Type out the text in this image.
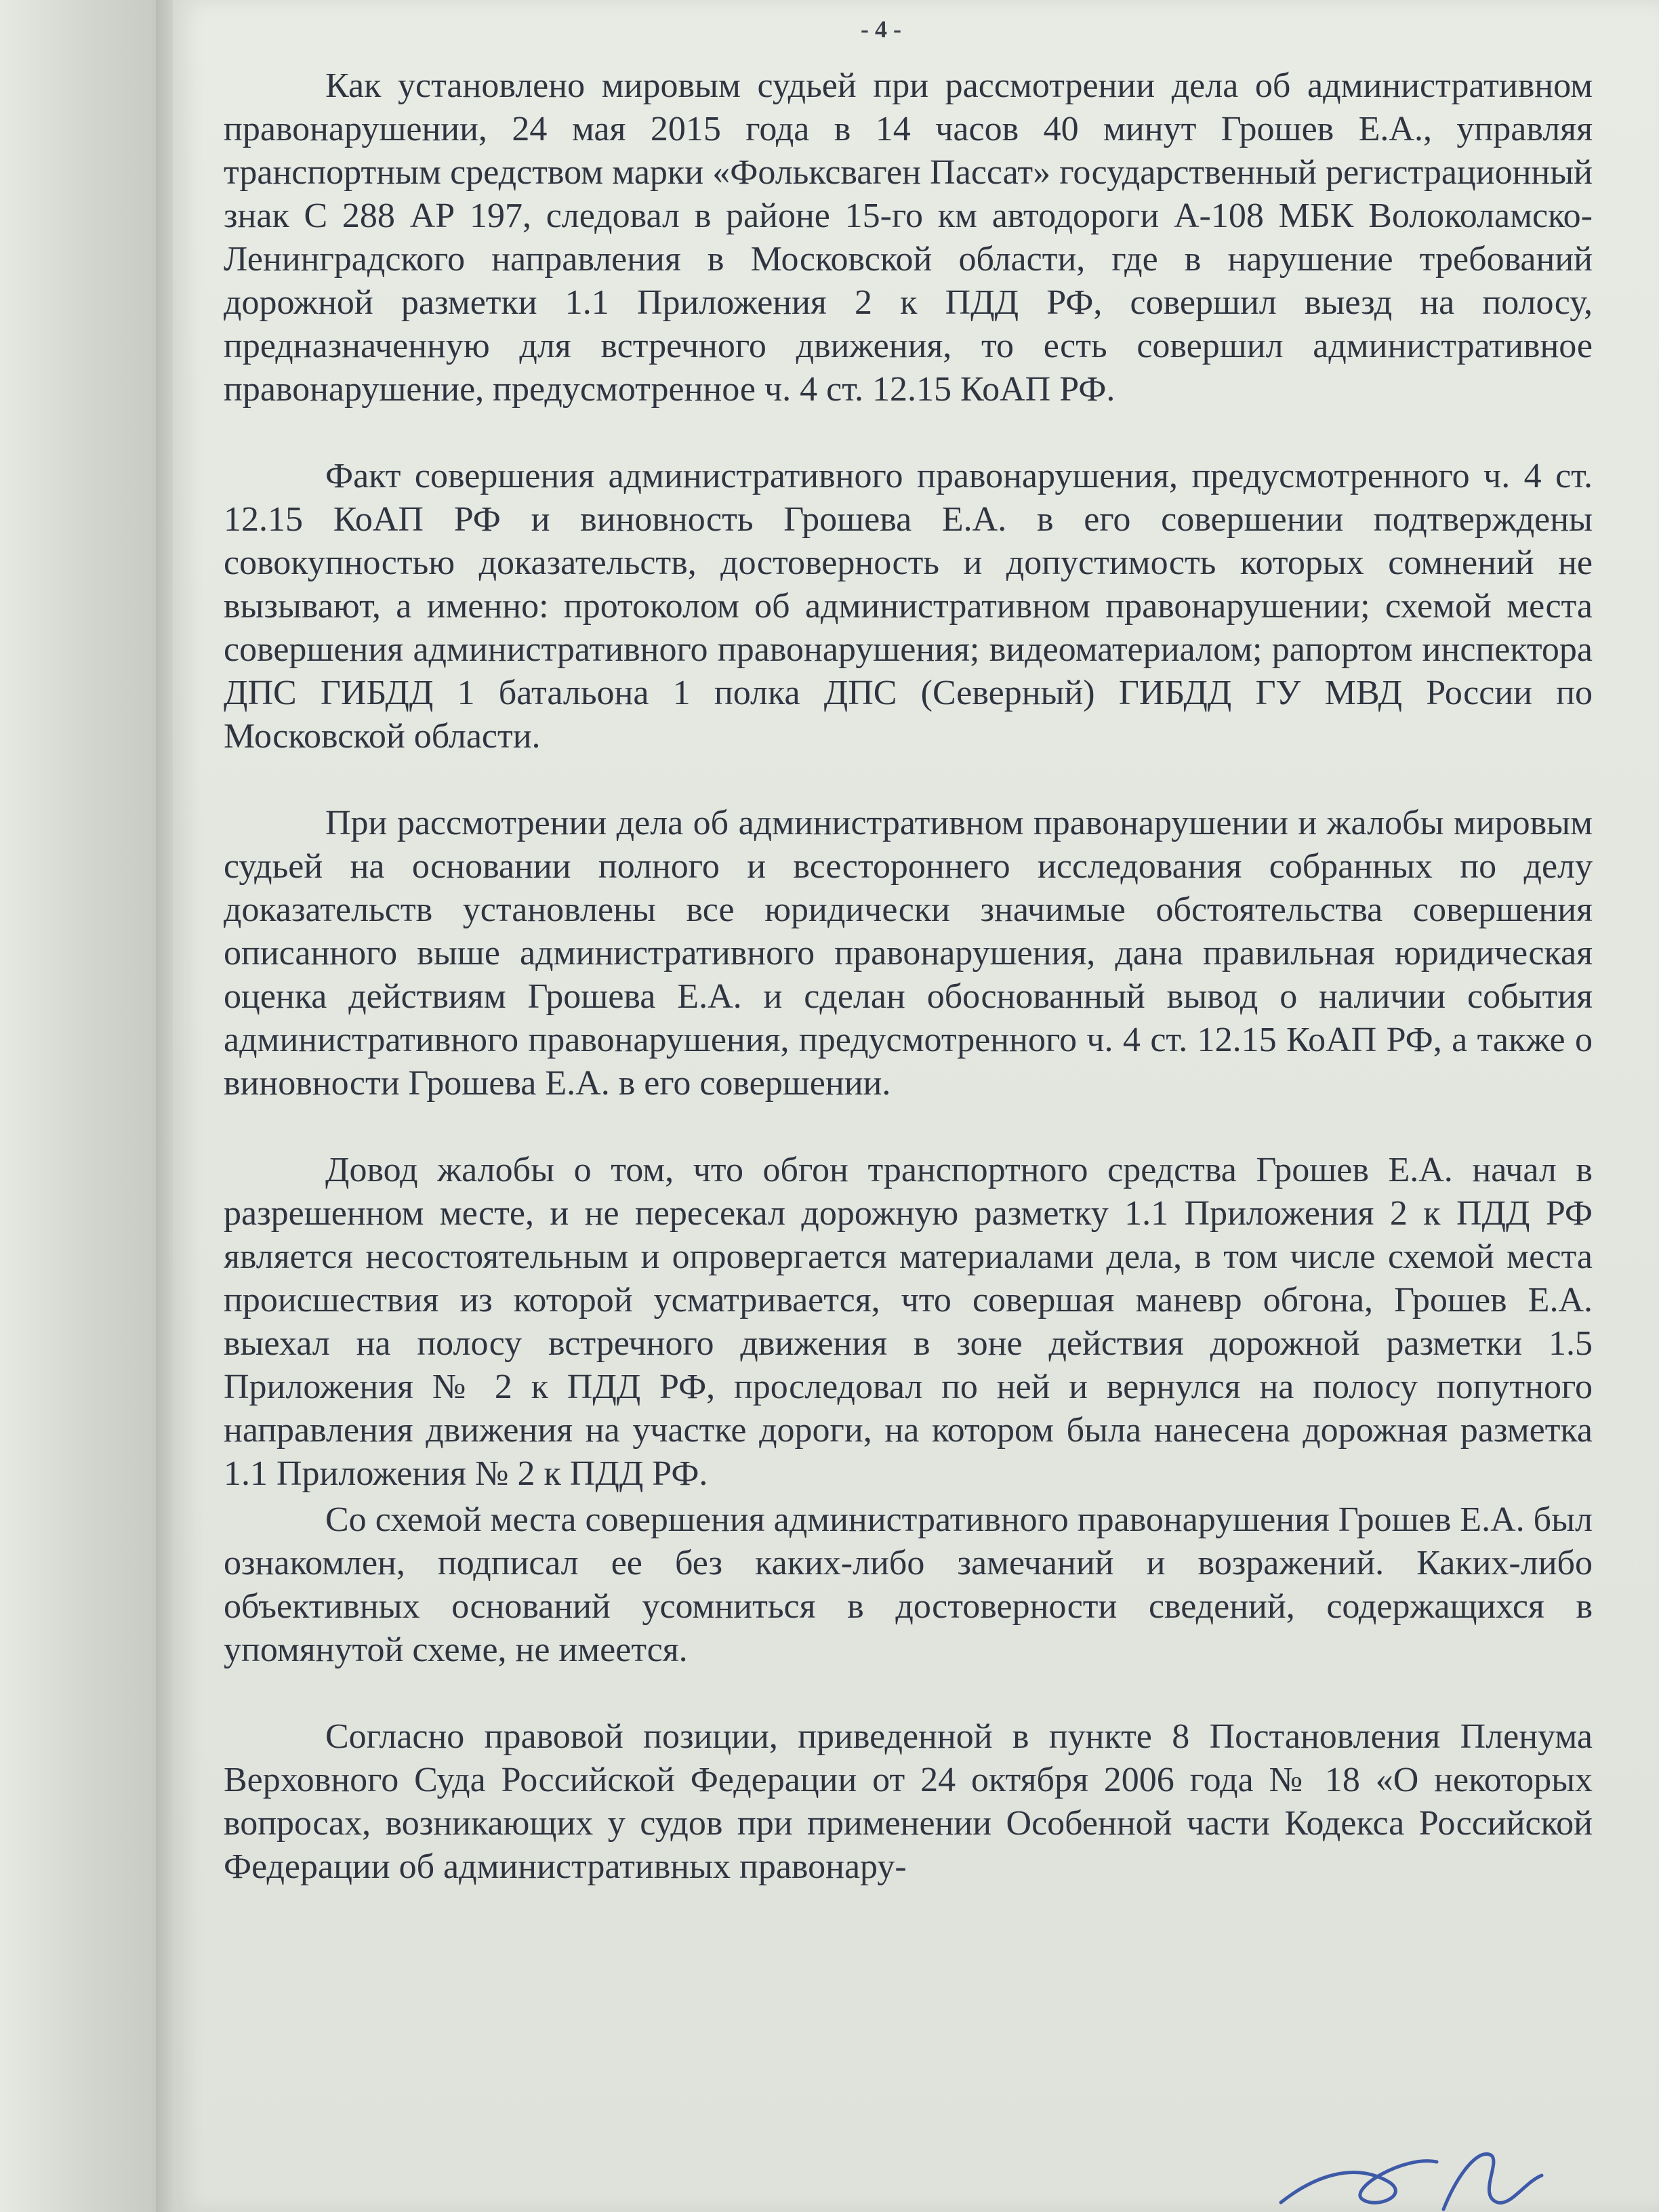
- 4 -

Как установлено мировым судьей при рассмотрении дела об административном правонарушении, 24 мая 2015 года в 14 часов 40 минут Грошев Е.А., управляя транспортным средством марки «Фольксваген Пассат» государственный регистрационный знак С 288 АР 197, следовал в районе 15-го км автодороги А-108 МБК Волоколамско-Ленинградского направления в Московской области, где в нарушение требований дорожной разметки 1.1 Приложения 2 к ПДД РФ, совершил выезд на полосу, предназначенную для встречного движения, то есть совершил административное правонарушение, предусмотренное ч. 4 ст. 12.15 КоАП РФ.

Факт совершения административного правонарушения, предусмотренного ч. 4 ст. 12.15 КоАП РФ и виновность Грошева Е.А. в его совершении подтверждены совокупностью доказательств, достоверность и допустимость которых сомнений не вызывают, а именно: протоколом об административном правонарушении; схемой места совершения административного правонарушения; видеоматериалом; рапортом инспектора ДПС ГИБДД 1 батальона 1 полка ДПС (Северный) ГИБДД ГУ МВД России по Московской области.

При рассмотрении дела об административном правонарушении и жалобы мировым судьей на основании полного и всестороннего исследования собранных по делу доказательств установлены все юридически значимые обстоятельства совершения описанного выше административного правонарушения, дана правильная юридическая оценка действиям Грошева Е.А. и сделан обоснованный вывод о наличии события административного правонарушения, предусмотренного ч. 4 ст. 12.15 КоАП РФ, а также о виновности Грошева Е.А. в его совершении.

Довод жалобы о том, что обгон транспортного средства Грошев Е.А. начал в разрешенном месте, и не пересекал дорожную разметку 1.1 Приложения 2 к ПДД РФ является несостоятельным и опровергается материалами дела, в том числе схемой места происшествия из которой усматривается, что совершая маневр обгона, Грошев Е.А. выехал на полосу встречного движения в зоне действия дорожной разметки 1.5 Приложения № 2 к ПДД РФ, проследовал по ней и вернулся на полосу попутного направления движения на участке дороги, на котором была нанесена дорожная разметка 1.1 Приложения № 2 к ПДД РФ.

Со схемой места совершения административного правонарушения Грошев Е.А. был ознакомлен, подписал ее без каких-либо замечаний и возражений. Каких-либо объективных оснований усомниться в достоверности сведений, содержащихся в упомянутой схеме, не имеется.

Согласно правовой позиции, приведенной в пункте 8 Постановления Пленума Верховного Суда Российской Федерации от 24 октября 2006 года № 18 «О некоторых вопросах, возникающих у судов при применении Особенной части Кодекса Российской Федерации об административных правонару-
